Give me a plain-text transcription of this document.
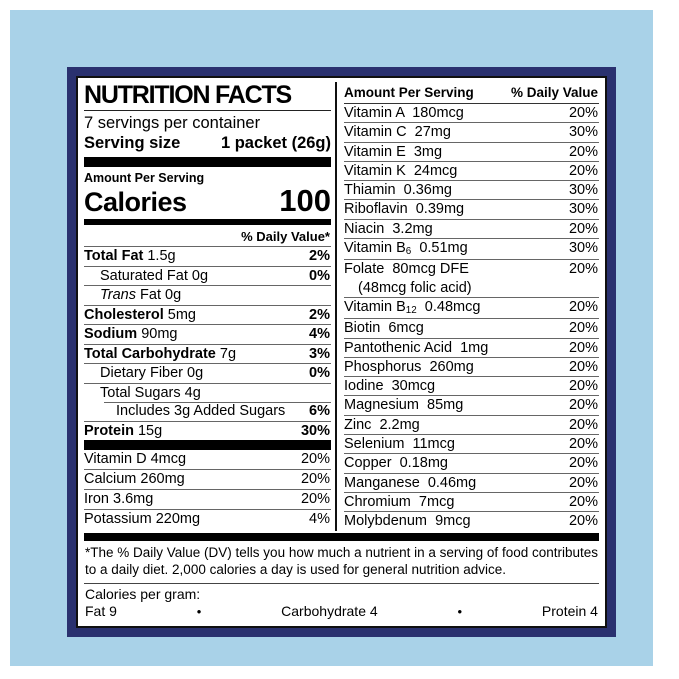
NUTRITION FACTS
7 servings per container
Serving size 1 packet (26g)
Amount Per Serving
Calories	100
% Daily Value*
Total Fat 1.5g	2%
Saturated Fat 0g	0%
Trans Fat 0g
Cholesterol 5mg	2%
Sodium 90mg	4%
Total Carbohydrate 7g	3%
Dietary Fiber 0g	0%
Total Sugars 4g
Includes 3g Added Sugars 6%
Protein 15g	30%
Vitamin D 4mcg	20%
Calcium 260mg	20%
Iron 3.6mg	20%
Potassium 220mg	4%
Amount Per Serving	% Daily Value
Vitamin A  180mcg	20%
Vitamin C  27mg	30%
Vitamin E  3mg	20%
Vitamin K  24mcg	20%
Thiamin  0.36mg	30%
Riboflavin  0.39mg	30%
Niacin  3.2mg	20%
Vitamin B6  0.51mg	30%
Folate  80mcg DFE	20%
(48mcg folic acid)
Vitamin B12  0.48mcg	20%
Biotin  6mcg	20%
Pantothenic Acid  1mg	20%
Phosphorus  260mg	20%
Iodine  30mcg	20%
Magnesium  85mg	20%
Zinc  2.2mg	20%
Selenium  11mcg	20%
Copper  0.18mg	20%
Manganese  0.46mg	20%
Chromium  7mcg	20%
Molybdenum  9mcg	20%
*The % Daily Value (DV) tells you how much a nutrient in a serving of food contributes to a daily diet. 2,000 calories a day is used for general nutrition advice.
Calories per gram:
Fat 9	•	Carbohydrate 4	•	Protein 4
